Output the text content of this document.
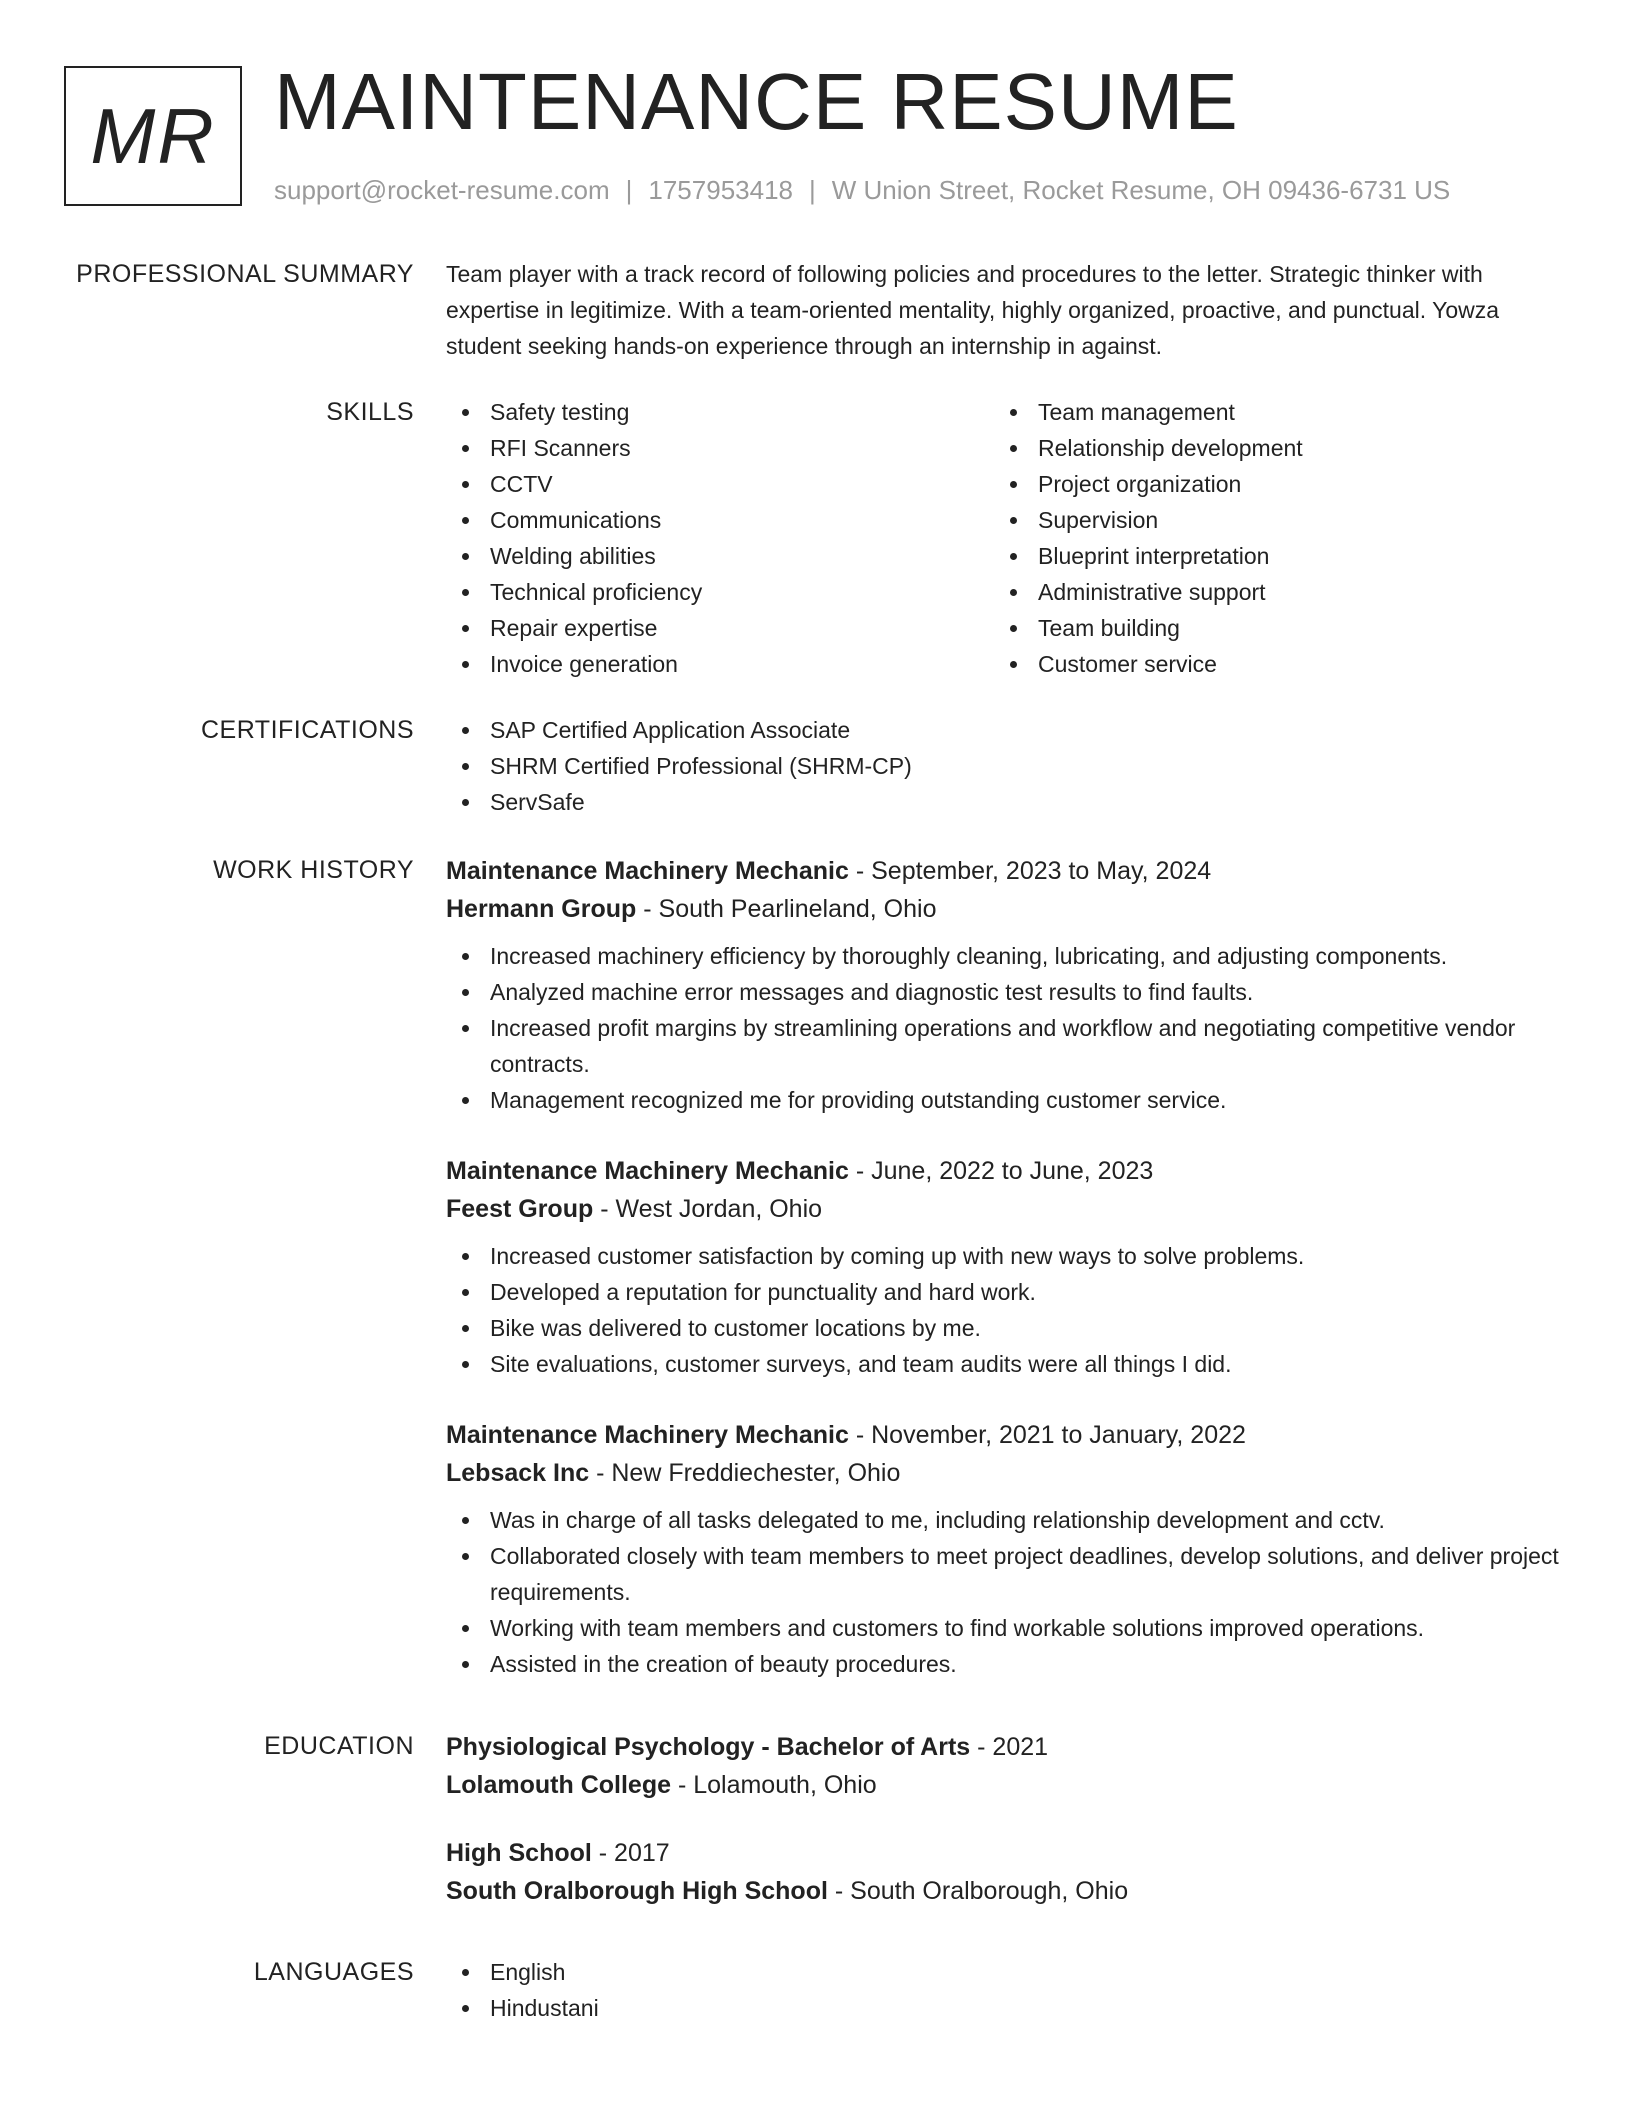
MR MAINTENANCE RESUME
support@rocket-resume.com | 1757953418 | W Union Street, Rocket Resume, OH 09436-6731 US
PROFESSIONAL SUMMARY Team player with a track record of following policies and procedures to the letter. Strategic thinker with expertise in legitimize. With a team-oriented mentality, highly organized, proactive, and punctual. Yowza student seeking hands-on experience through an internship in against.

SKILLS	Safety testing
RFI Scanners
CCTV
Communications
Welding abilities
Technical proficiency
Repair expertise
Invoice generation
Team management
Relationship development
Project organization
Supervision
Blueprint interpretation
Administrative support
Team building
Customer service
CERTIFICATIONS	SAP Certified Application Associate
SHRM Certified Professional (SHRM-CP)
ServSafe
WORK HISTORY Maintenance Machinery Mechanic - September, 2023 to May, 2024
Hermann Group - South Pearlineland, Ohio
Increased machinery efficiency by thoroughly cleaning, lubricating, and adjusting components.
Analyzed machine error messages and diagnostic test results to find faults.
Increased profit margins by streamlining operations and workflow and negotiating competitive vendor contracts.
Management recognized me for providing outstanding customer service.
Maintenance Machinery Mechanic - June, 2022 to June, 2023
Feest Group - West Jordan, Ohio
Increased customer satisfaction by coming up with new ways to solve problems.
Developed a reputation for punctuality and hard work.
Bike was delivered to customer locations by me.
Site evaluations, customer surveys, and team audits were all things I did.
Maintenance Machinery Mechanic - November, 2021 to January, 2022
Lebsack Inc - New Freddiechester, Ohio
Was in charge of all tasks delegated to me, including relationship development and cctv.
Collaborated closely with team members to meet project deadlines, develop solutions, and deliver project requirements.
Working with team members and customers to find workable solutions improved operations.
Assisted in the creation of beauty procedures.
EDUCATION Physiological Psychology - Bachelor of Arts - 2021
Lolamouth College - Lolamouth, Ohio
High School - 2017
South Oralborough High School - South Oralborough, Ohio
LANGUAGES	English
Hindustani
